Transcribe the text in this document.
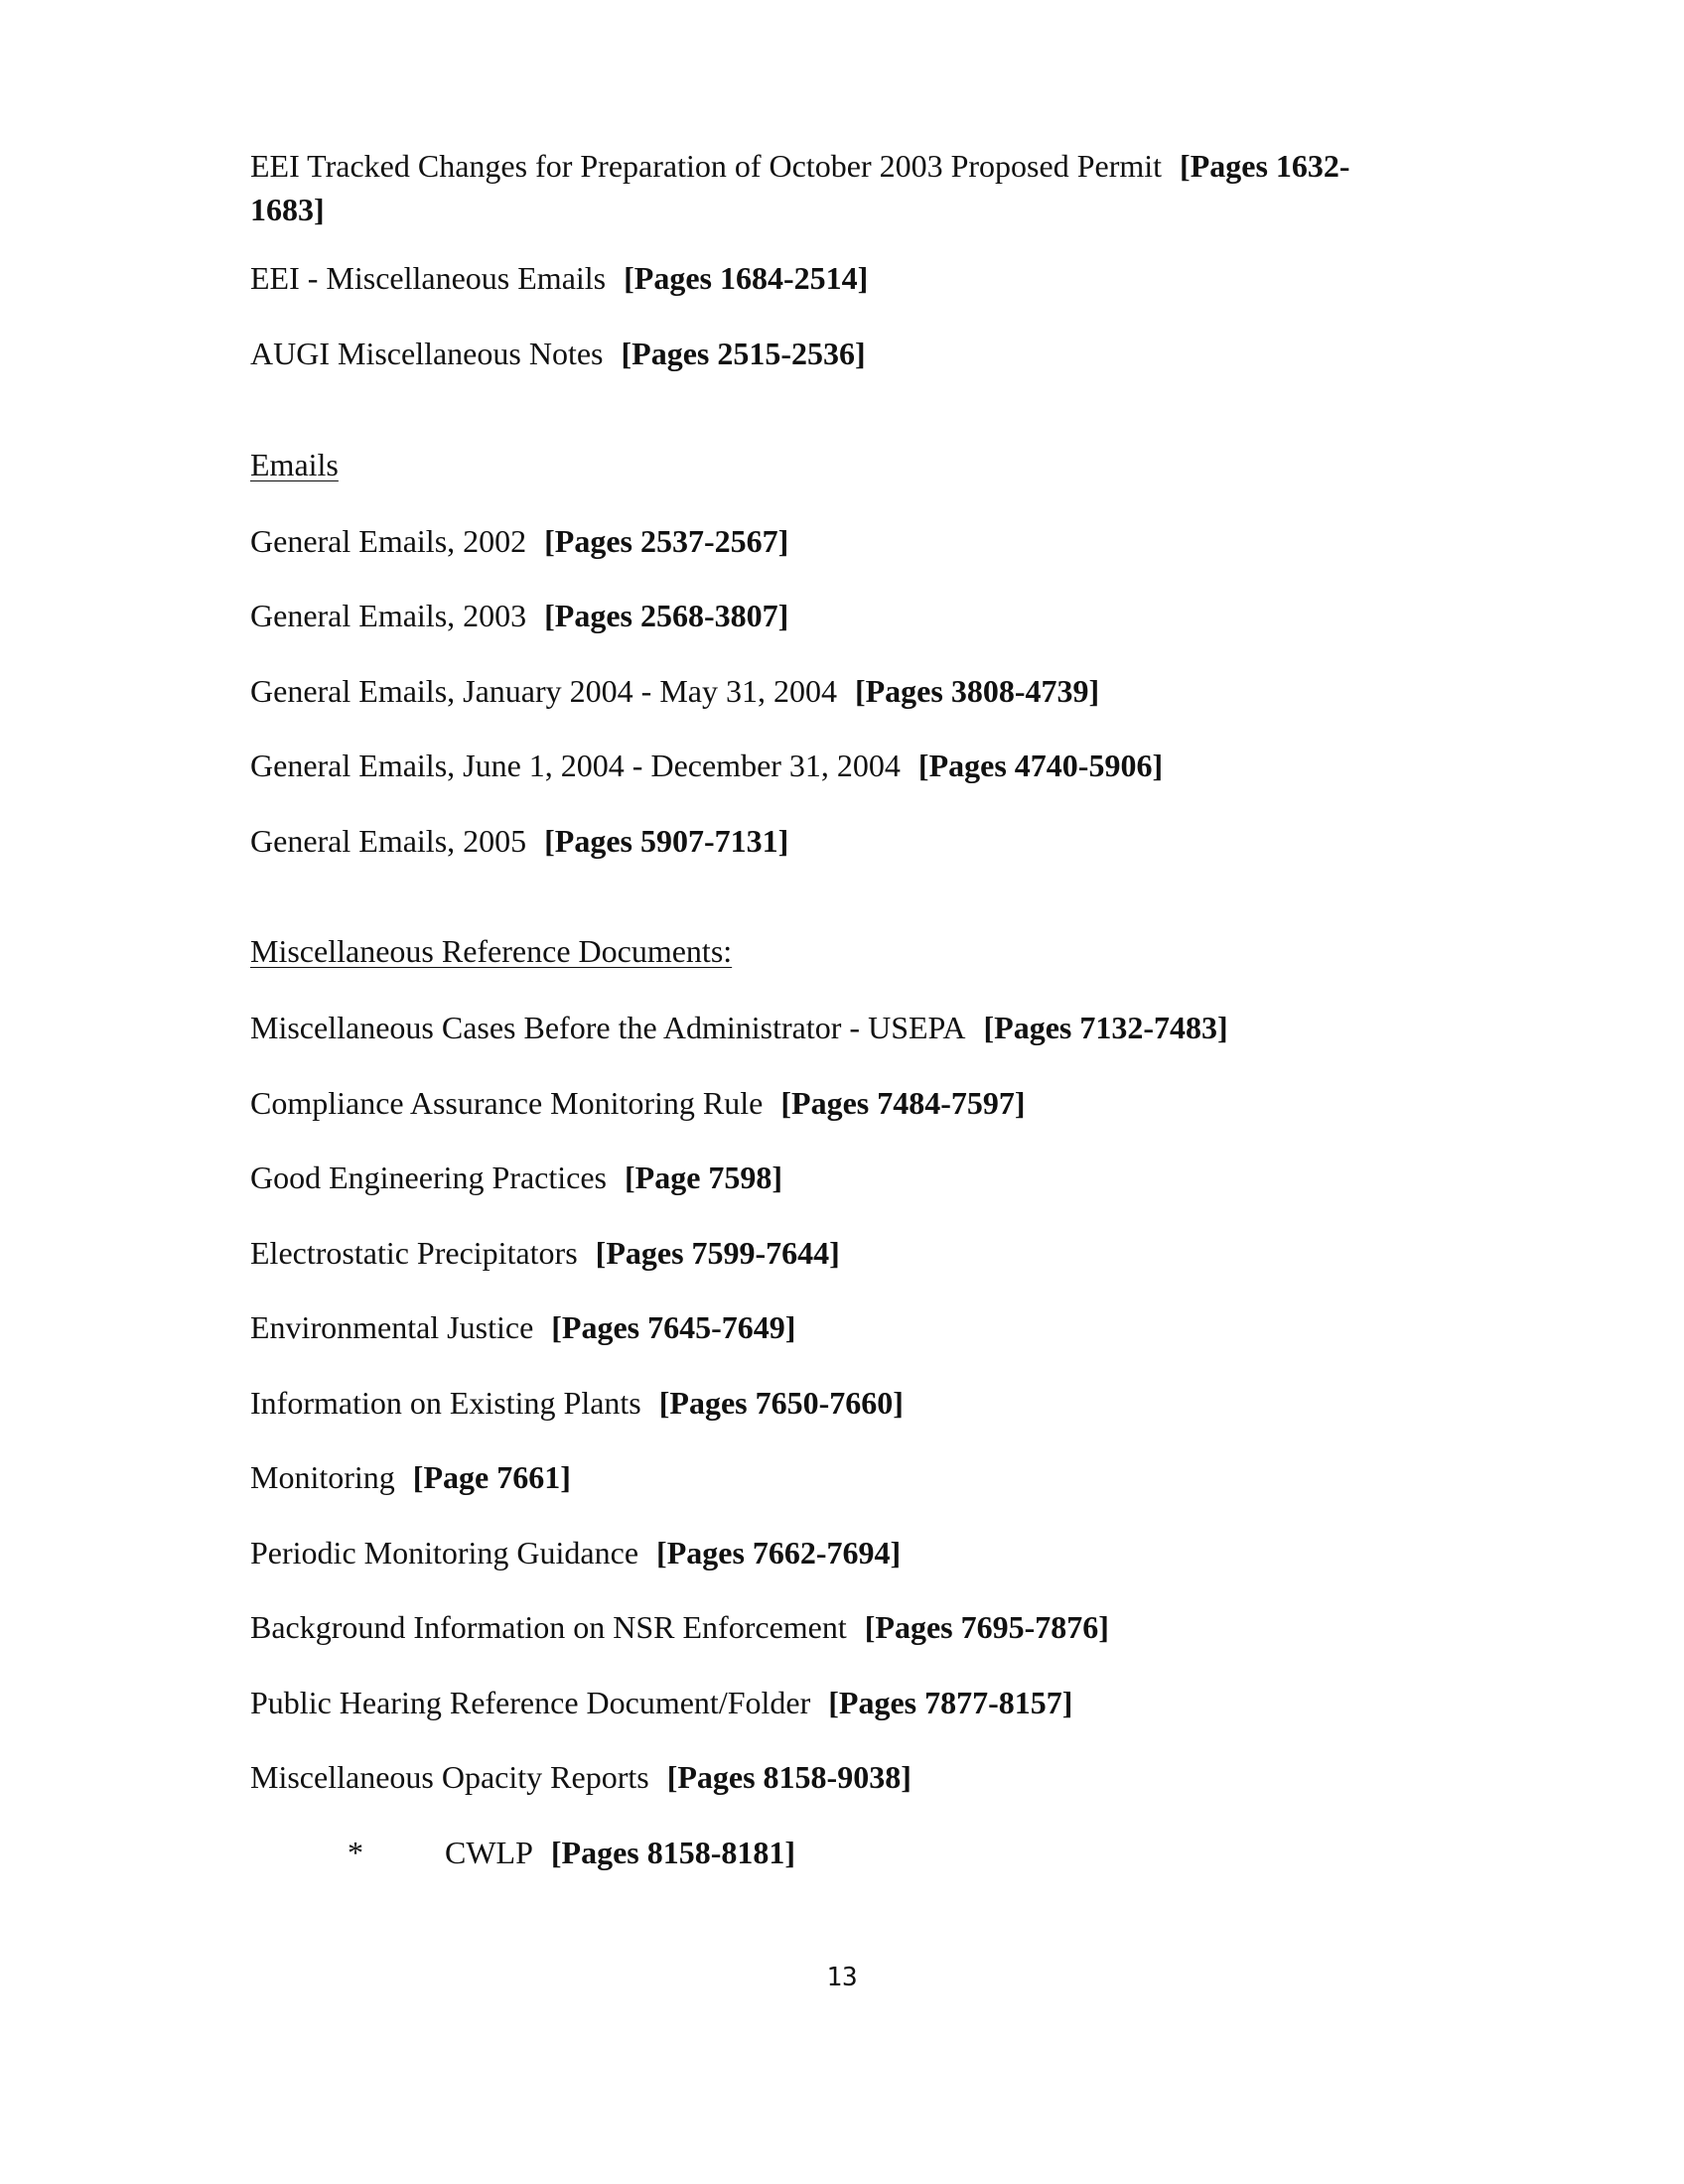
EEI Tracked Changes for Preparation of October 2003 Proposed Permit [Pages 1632-1683]
EEI - Miscellaneous Emails [Pages 1684-2514]
AUGI Miscellaneous Notes [Pages 2515-2536]
Emails
General Emails, 2002 [Pages 2537-2567]
General Emails, 2003 [Pages 2568-3807]
General Emails, January 2004 - May 31, 2004 [Pages 3808-4739]
General Emails, June 1, 2004 - December 31, 2004 [Pages 4740-5906]
General Emails, 2005 [Pages 5907-7131]
Miscellaneous Reference Documents:
Miscellaneous Cases Before the Administrator - USEPA [Pages 7132-7483]
Compliance Assurance Monitoring Rule [Pages 7484-7597]
Good Engineering Practices [Page 7598]
Electrostatic Precipitators [Pages 7599-7644]
Environmental Justice [Pages 7645-7649]
Information on Existing Plants [Pages 7650-7660]
Monitoring [Page 7661]
Periodic Monitoring Guidance [Pages 7662-7694]
Background Information on NSR Enforcement [Pages 7695-7876]
Public Hearing Reference Document/Folder [Pages 7877-8157]
Miscellaneous Opacity Reports [Pages 8158-9038]
*	CWLP [Pages 8158-8181]
13
